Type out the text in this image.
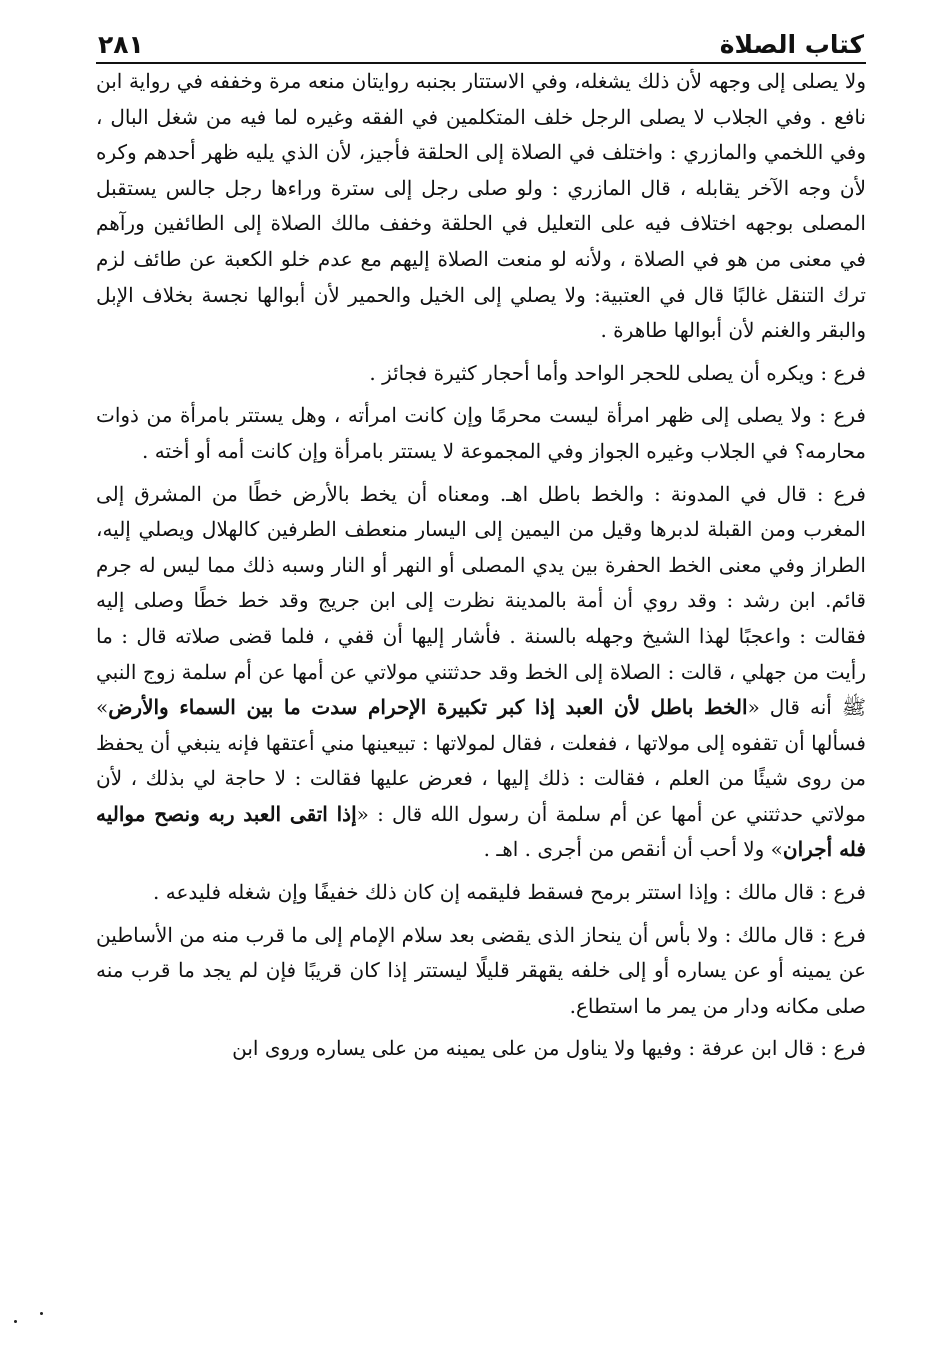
كتاب الصلاة
٢٨١

ولا يصلى إلى وجهه لأن ذلك يشغله، وفي الاستتار بجنبه روايتان منعه مرة وخففه في رواية ابن نافع . وفي الجلاب لا يصلى الرجل خلف المتكلمين في الفقه وغيره لما فيه من شغل البال ، وفي اللخمي والمازري : واختلف في الصلاة إلى الحلقة فأجيز، لأن الذي يليه ظهر أحدهم وكره لأن وجه الآخر يقابله ، قال المازري : ولو صلى رجل إلى سترة وراءها رجل جالس يستقبل المصلى بوجهه اختلاف فيه على التعليل في الحلقة وخفف مالك الصلاة إلى الطائفين ورآهم في معنى من هو في الصلاة ، ولأنه لو منعت الصلاة إليهم مع عدم خلو الكعبة عن طائف لزم ترك التنقل غالبًا قال في العتبية: ولا يصلي إلى الخيل والحمير لأن أبوالها نجسة بخلاف الإبل والبقر والغنم لأن أبوالها طاهرة .

فرع : ويكره أن يصلى للحجر الواحد وأما أحجار كثيرة فجائز .

فرع : ولا يصلى إلى ظهر امرأة ليست محرمًا وإن كانت امرأته ، وهل يستتر بامرأة من ذوات محارمه؟ في الجلاب وغيره الجواز وفي المجموعة لا يستتر بامرأة وإن كانت أمه أو أخته .

فرع : قال في المدونة : والخط باطل اهـ. ومعناه أن يخط بالأرض خطًا من المشرق إلى المغرب ومن القبلة لدبرها وقيل من اليمين إلى اليسار منعطف الطرفين كالهلال ويصلي إليه، الطراز وفي معنى الخط الحفرة بين يدي المصلى أو النهر أو النار وسبه ذلك مما ليس له جرم قائم. ابن رشد : وقد روي أن أمة بالمدينة نظرت إلى ابن جريج وقد خط خطًا وصلى إليه فقالت : واعجبًا لهذا الشيخ وجهله بالسنة . فأشار إليها أن قفي ، فلما قضى صلاته قال : ما رأيت من جهلي ، قالت : الصلاة إلى الخط وقد حدثتني مولاتي عن أمها عن أم سلمة زوج النبي ﷺ أنه قال «الخط باطل لأن العبد إذا كبر تكبيرة الإحرام سدت ما بين السماء والأرض» فسألها أن تقفوه إلى مولاتها ، ففعلت ، فقال لمولاتها : تبيعينها مني أعتقها فإنه ينبغي أن يحفظ من روى شيئًا من العلم ، فقالت : ذلك إليها ، فعرض عليها فقالت : لا حاجة لي بذلك ، لأن مولاتي حدثتني عن أمها عن أم سلمة أن رسول الله قال : «إذا اتقى العبد ربه ونصح مواليه فله أجران» ولا أحب أن أنقص من أجرى . اهـ .

فرع : قال مالك : وإذا استتر برمح فسقط فليقمه إن كان ذلك خفيفًا وإن شغله فليدعه .

فرع : قال مالك : ولا بأس أن ينحاز الذى يقضى بعد سلام الإمام إلى ما قرب منه من الأساطين عن يمينه أو عن يساره أو إلى خلفه يقهقر قليلًا ليستتر إذا كان قريبًا فإن لم يجد ما قرب منه صلى مكانه ودار من يمر ما استطاع.

فرع : قال ابن عرفة : وفيها ولا يناول من على يمينه من على يساره وروى ابن
